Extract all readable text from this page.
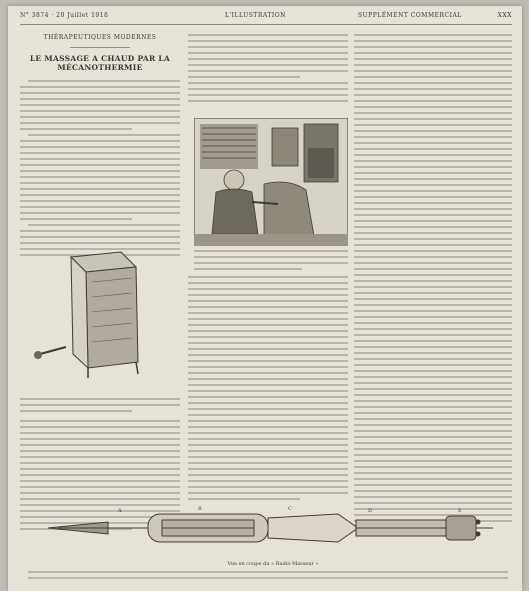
N° 3874 · 20 Juillet 1918	L'ILLUSTRATION	SUPPLÉMENT COMMERCIAL	ΧΧΧ
THÉRAPEUTIQUES MODERNES
LE MASSAGE A CHAUD PAR LA MÉCANOTHERMIE
A	B	C	D	E
Vue en coupe du « Radio-Masseur »
